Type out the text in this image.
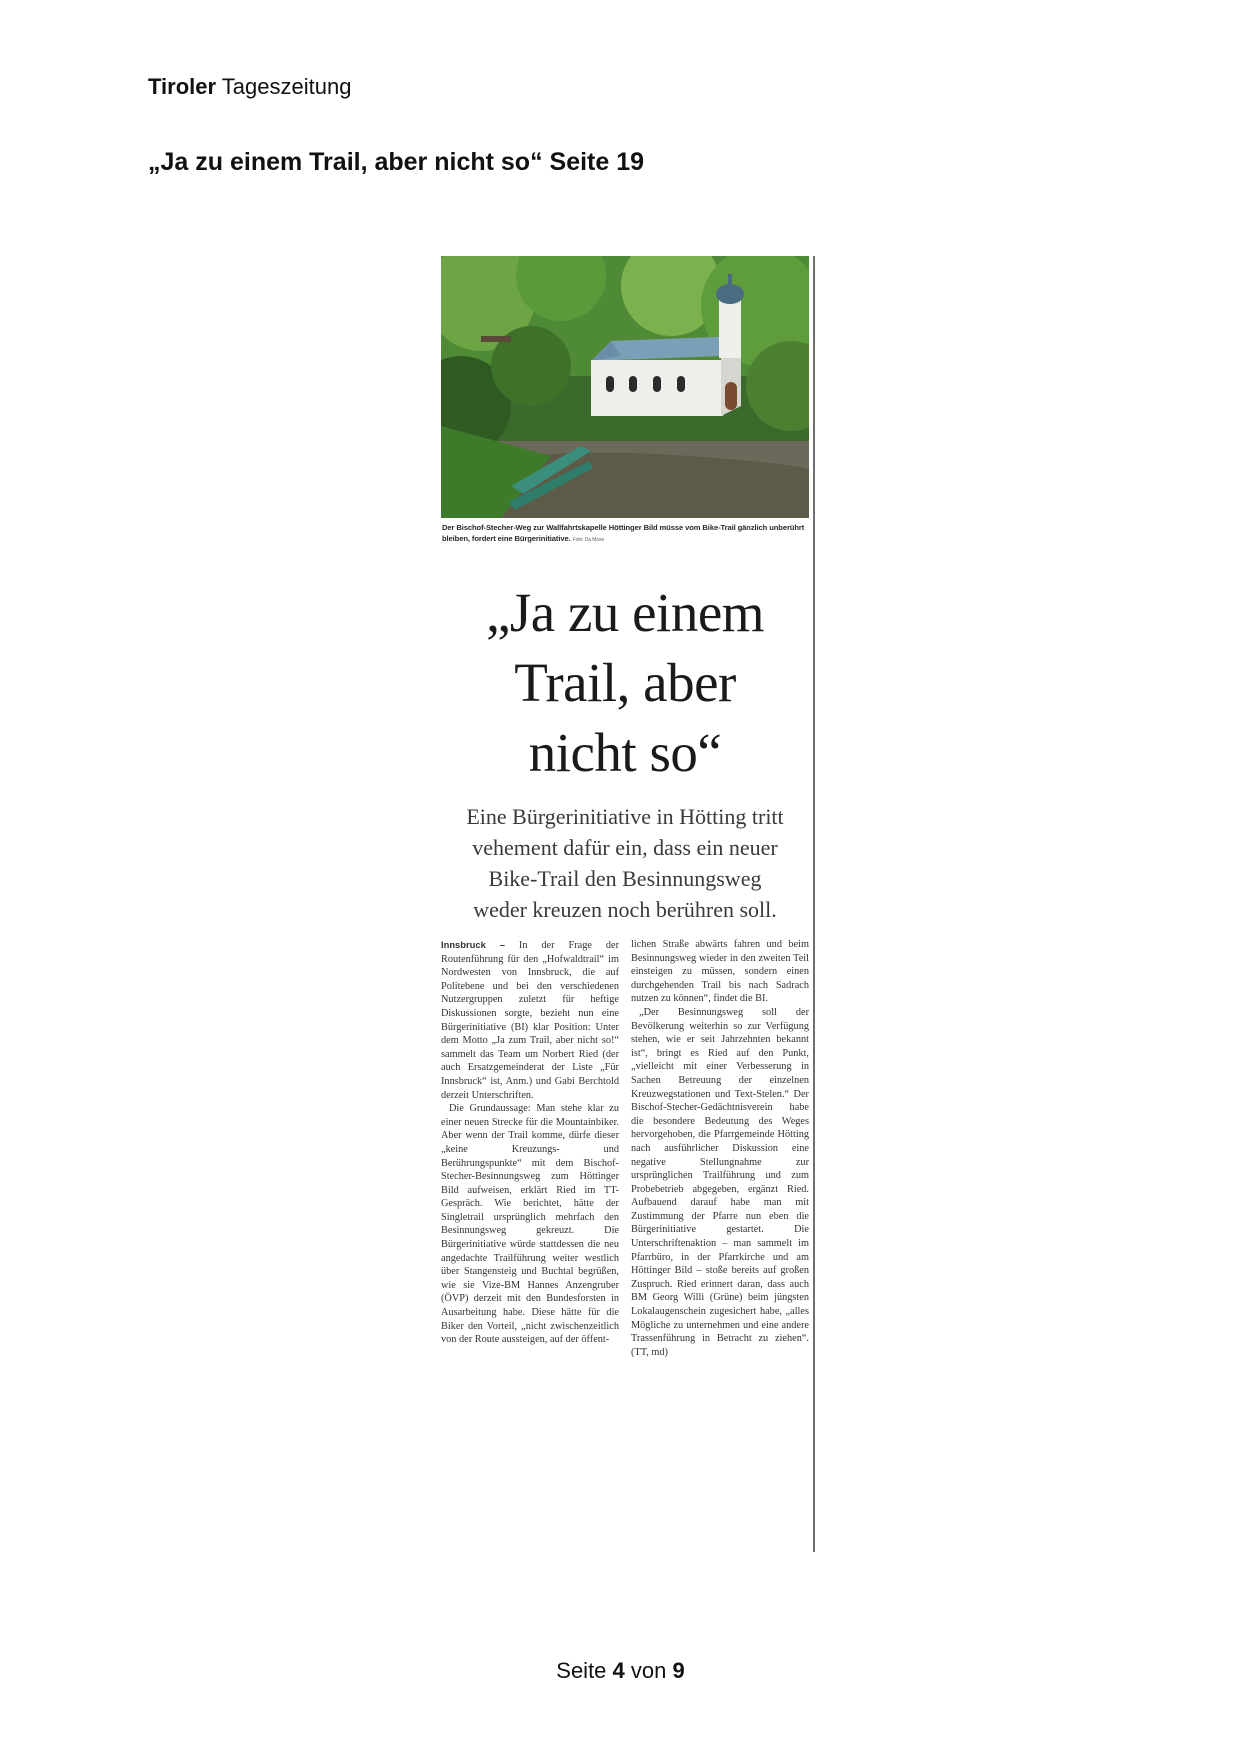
Tiroler Tageszeitung
„Ja zu einem Trail, aber nicht so“ Seite 19
Der Bischof-Stecher-Weg zur Wallfahrtskapelle Höttinger Bild müsse vom Bike-Trail gänzlich unberührt bleiben, fordert eine Bürgerinitiative. Foto: Da Mose
„Ja zu einem
Trail, aber
nicht so“
Eine Bürgerinitiative in Hötting tritt
vehement dafür ein, dass ein neuer
Bike-Trail den Besinnungsweg
weder kreuzen noch berühren soll.

Innsbruck – In der Frage der Routenführung für den „Hofwaldtrail“ im Nordwesten von Innsbruck, die auf Politebene und bei den verschiedenen Nutzergruppen zuletzt für heftige Diskussionen sorgte, bezieht nun eine Bürgerinitiative (BI) klar Position: Unter dem Motto „Ja zum Trail, aber nicht so!“ sammelt das Team um Norbert Ried (der auch Ersatzgemeinderat der Liste „Für Innsbruck“ ist, Anm.) und Gabi Berchtold derzeit Unterschriften.

Die Grundaussage: Man stehe klar zu einer neuen Strecke für die Mountainbiker. Aber wenn der Trail komme, dürfe dieser „keine Kreuzungs- und Berührungspunkte“ mit dem Bischof-Stecher-Besinnungsweg zum Höttinger Bild aufweisen, erklärt Ried im TT-Gespräch. Wie berichtet, hätte der Singletrail ursprünglich mehrfach den Besinnungsweg gekreuzt. Die Bürgerinitiative würde stattdessen die neu angedachte Trailführung weiter westlich über Stangensteig und Buchtal begrüßen, wie sie Vize-BM Hannes Anzengruber (ÖVP) derzeit mit den Bundesforsten in Ausarbeitung habe. Diese hätte für die Biker den Vorteil, „nicht zwischenzeitlich von der Route aussteigen, auf der öffent-

lichen Straße abwärts fahren und beim Besinnungsweg wieder in den zweiten Teil einsteigen zu müssen, sondern einen durchgehenden Trail bis nach Sadrach nutzen zu können“, findet die BI.

„Der Besinnungsweg soll der Bevölkerung weiterhin so zur Verfügung stehen, wie er seit Jahrzehnten bekannt ist“, bringt es Ried auf den Punkt, „vielleicht mit einer Verbesserung in Sachen Betreuung der einzelnen Kreuzwegstationen und Text-Stelen.“ Der Bischof-Stecher-Gedächtnisverein habe die besondere Bedeutung des Weges hervorgehoben, die Pfarrgemeinde Hötting nach ausführlicher Diskussion eine negative Stellungnahme zur ursprünglichen Trailführung und zum Probebetrieb abgegeben, ergänzt Ried. Aufbauend darauf habe man mit Zustimmung der Pfarre nun eben die Bürgerinitiative gestartet. Die Unterschriftenaktion – man sammelt im Pfarrbüro, in der Pfarrkirche und am Höttinger Bild – stoße bereits auf großen Zuspruch. Ried erinnert daran, dass auch BM Georg Willi (Grüne) beim jüngsten Lokalaugenschein zugesichert habe, „alles Mögliche zu unternehmen und eine andere Trassenführung in Betracht zu ziehen“. (TT, md)

Seite 4 von 9
